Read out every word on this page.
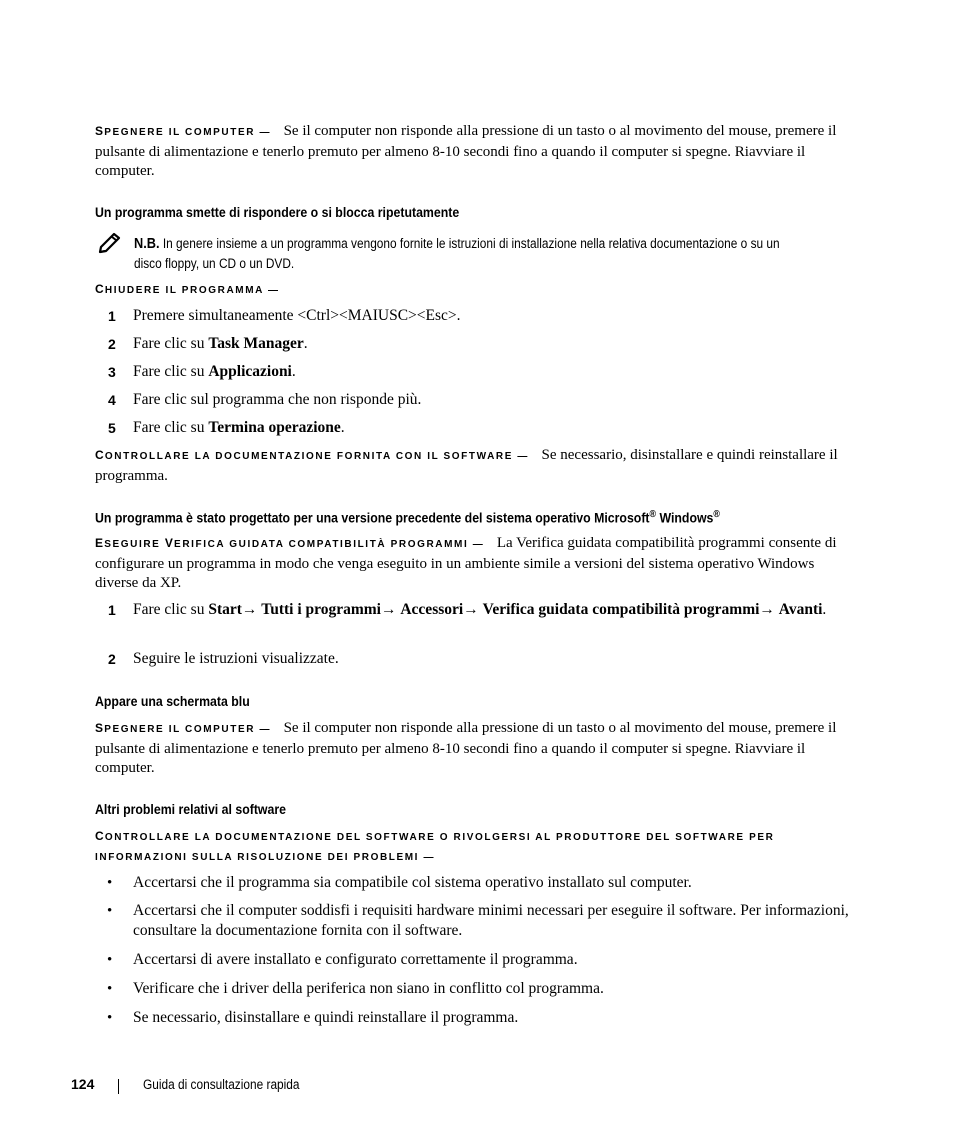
SPEGNERE IL COMPUTER — Se il computer non risponde alla pressione di un tasto o al movimento del mouse, premere il pulsante di alimentazione e tenerlo premuto per almeno 8-10 secondi fino a quando il computer si spegne. Riavviare il computer.
Un programma smette di rispondere o si blocca ripetutamente
N.B. In genere insieme a un programma vengono fornite le istruzioni di installazione nella relativa documentazione o su un disco floppy, un CD o un DVD.
CHIUDERE IL PROGRAMMA —
1 Premere simultaneamente <Ctrl><MAIUSC><Esc>.
2 Fare clic su Task Manager.
3 Fare clic su Applicazioni.
4 Fare clic sul programma che non risponde più.
5 Fare clic su Termina operazione.
CONTROLLARE LA DOCUMENTAZIONE FORNITA CON IL SOFTWARE — Se necessario, disinstallare e quindi reinstallare il programma.
Un programma è stato progettato per una versione precedente del sistema operativo Microsoft® Windows®
ESEGUIRE VERIFICA GUIDATA COMPATIBILITÀ PROGRAMMI — La Verifica guidata compatibilità programmi consente di configurare un programma in modo che venga eseguito in un ambiente simile a versioni del sistema operativo Windows diverse da XP.
1 Fare clic su Start→ Tutti i programmi→ Accessori→ Verifica guidata compatibilità programmi→ Avanti.
2 Seguire le istruzioni visualizzate.
Appare una schermata blu
SPEGNERE IL COMPUTER — Se il computer non risponde alla pressione di un tasto o al movimento del mouse, premere il pulsante di alimentazione e tenerlo premuto per almeno 8-10 secondi fino a quando il computer si spegne. Riavviare il computer.
Altri problemi relativi al software
CONTROLLARE LA DOCUMENTAZIONE DEL SOFTWARE O RIVOLGERSI AL PRODUTTORE DEL SOFTWARE PER INFORMAZIONI SULLA RISOLUZIONE DEI PROBLEMI —
• Accertarsi che il programma sia compatibile col sistema operativo installato sul computer.
• Accertarsi che il computer soddisfi i requisiti hardware minimi necessari per eseguire il software. Per informazioni, consultare la documentazione fornita con il software.
• Accertarsi di avere installato e configurato correttamente il programma.
• Verificare che i driver della periferica non siano in conflitto col programma.
• Se necessario, disinstallare e quindi reinstallare il programma.
124	Guida di consultazione rapida
